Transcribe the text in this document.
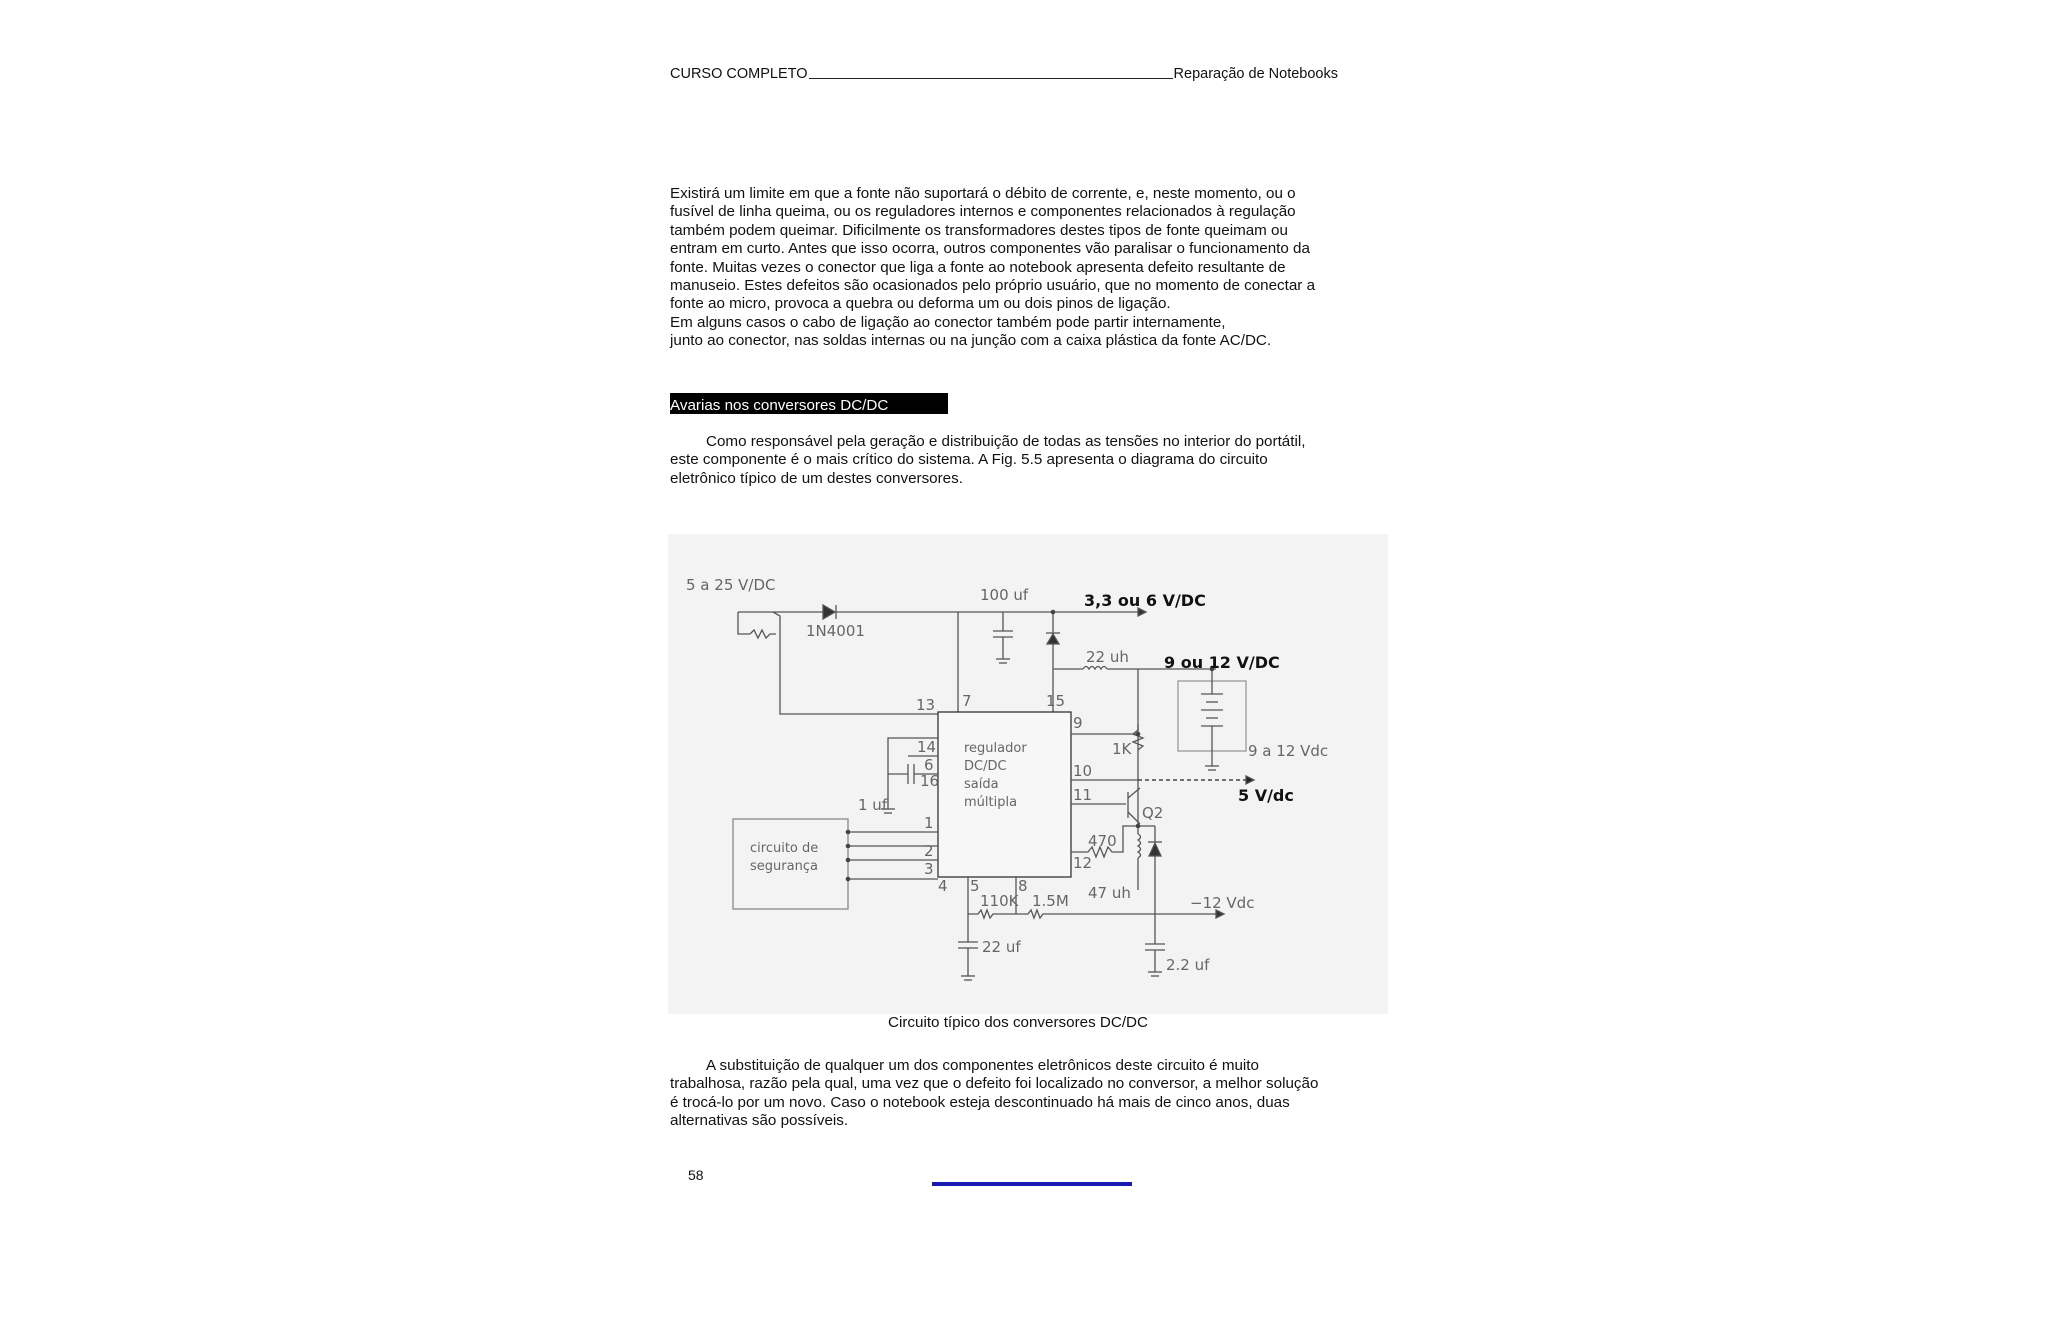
CURSO COMPLETO	Reparação de Notebooks

Existirá um limite em que a fonte não suportará o débito de corrente, e, neste momento, ou o

fusível de linha queima, ou os reguladores internos e componentes relacionados à regulação

também podem queimar. Dificilmente os transformadores destes tipos de fonte queimam ou

entram em curto. Antes que isso ocorra, outros componentes vão paralisar o funcionamento da

fonte. Muitas vezes o conector que liga a fonte ao notebook apresenta defeito resultante de

manuseio. Estes defeitos são ocasionados pelo próprio usuário, que no momento de conectar a

fonte ao micro, provoca a quebra ou deforma um ou dois pinos de ligação.

Em alguns casos o cabo de ligação ao conector também pode partir internamente,

junto ao conector, nas soldas internas ou na junção com a caixa plástica da fonte AC/DC.

Avarias nos conversores DC/DC

Como responsável pela geração e distribuição de todas as tensões no interior do portátil,

este componente é o mais crítico do sistema. A Fig. 5.5 apresenta o diagrama do circuito

eletrônico típico de um destes conversores.

5 a 25 V/DC
1N4001
100 uf
22 uh
regulador
DC/DC
saída
múltipla
1K	9 a 12 Vdc
Q2
470
47 uh
−12 Vdc
110K 1.5M
22 uf
2.2 uf
1 uf
circuito de
segurança
13 7	15
9
14
6
16
10
11
12
1
2
3
4 5	8
3,3 ou 6 V/DC
9 ou 12 V/DC
5 V/dc
Circuito típico dos conversores DC/DC

A substituição de qualquer um dos componentes eletrônicos deste circuito é muito

trabalhosa, razão pela qual, uma vez que o defeito foi localizado no conversor, a melhor solução

é trocá-lo por um novo. Caso o notebook esteja descontinuado há mais de cinco anos, duas

alternativas são possíveis.

58
